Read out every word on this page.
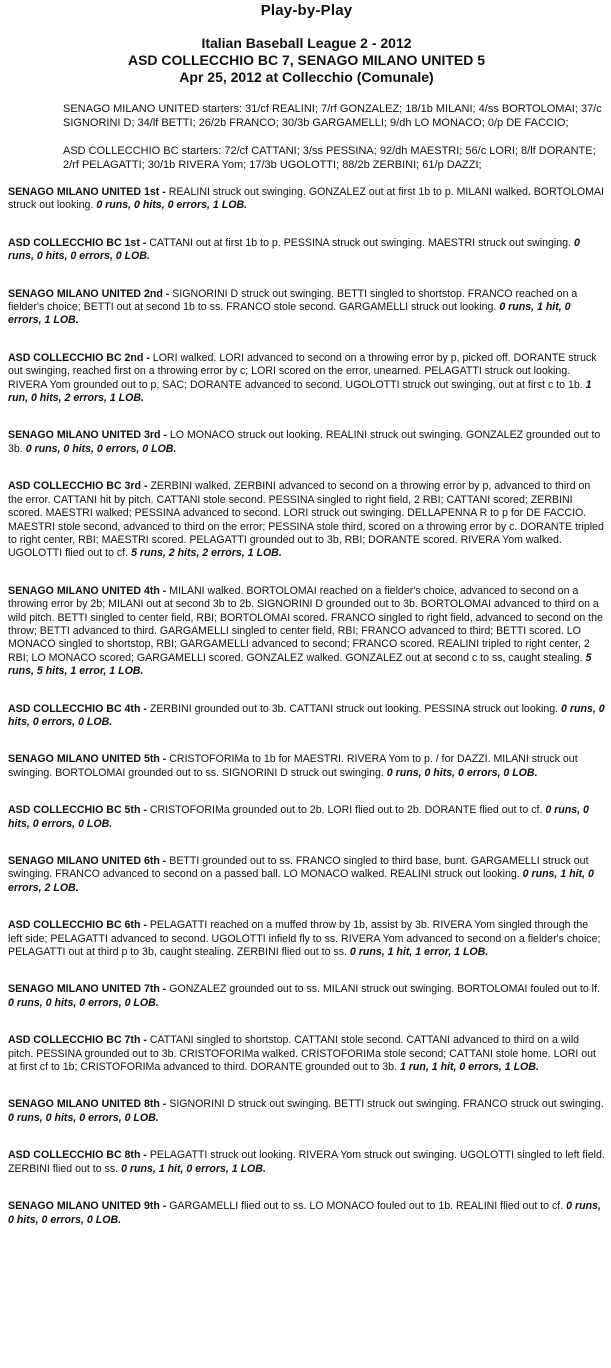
Play-by-Play
Italian Baseball League 2 - 2012
ASD COLLECCHIO BC 7, SENAGO MILANO UNITED 5
Apr 25, 2012 at Collecchio (Comunale)

SENAGO MILANO UNITED starters: 31/cf REALINI; 7/rf GONZALEZ; 18/1b MILANI; 4/ss BORTOLOMAI; 37/c SIGNORINI D; 34/lf BETTI; 26/2b FRANCO; 30/3b GARGAMELLI; 9/dh LO MONACO; 0/p DE FACCIO;

ASD COLLECCHIO BC starters: 72/cf CATTANI; 3/ss PESSINA; 92/dh MAESTRI; 56/c LORI; 8/lf DORANTE; 2/rf PELAGATTI; 30/1b RIVERA Yom; 17/3b UGOLOTTI; 88/2b ZERBINI; 61/p DAZZI;

SENAGO MILANO UNITED 1st - REALINI struck out swinging. GONZALEZ out at first 1b to p. MILANI walked. BORTOLOMAI struck out looking. 0 runs, 0 hits, 0 errors, 1 LOB.

ASD COLLECCHIO BC 1st - CATTANI out at first 1b to p. PESSINA struck out swinging. MAESTRI struck out swinging. 0 runs, 0 hits, 0 errors, 0 LOB.

SENAGO MILANO UNITED 2nd - SIGNORINI D struck out swinging. BETTI singled to shortstop. FRANCO reached on a fielder's choice; BETTI out at second 1b to ss. FRANCO stole second. GARGAMELLI struck out looking. 0 runs, 1 hit, 0 errors, 1 LOB.

ASD COLLECCHIO BC 2nd - LORI walked. LORI advanced to second on a throwing error by p, picked off. DORANTE struck out swinging, reached first on a throwing error by c; LORI scored on the error, unearned. PELAGATTI struck out looking. RIVERA Yom grounded out to p, SAC; DORANTE advanced to second. UGOLOTTI struck out swinging, out at first c to 1b. 1 run, 0 hits, 2 errors, 1 LOB.

SENAGO MILANO UNITED 3rd - LO MONACO struck out looking. REALINI struck out swinging. GONZALEZ grounded out to 3b. 0 runs, 0 hits, 0 errors, 0 LOB.

ASD COLLECCHIO BC 3rd - ZERBINI walked. ZERBINI advanced to second on a throwing error by p, advanced to third on the error. CATTANI hit by pitch. CATTANI stole second. PESSINA singled to right field, 2 RBI; CATTANI scored; ZERBINI scored. MAESTRI walked; PESSINA advanced to second. LORI struck out swinging. DELLAPENNA R to p for DE FACCIO. MAESTRI stole second, advanced to third on the error; PESSINA stole third, scored on a throwing error by c. DORANTE tripled to right center, RBI; MAESTRI scored. PELAGATTI grounded out to 3b, RBI; DORANTE scored. RIVERA Yom walked. UGOLOTTI flied out to cf. 5 runs, 2 hits, 2 errors, 1 LOB.

SENAGO MILANO UNITED 4th - MILANI walked. BORTOLOMAI reached on a fielder's choice, advanced to second on a throwing error by 2b; MILANI out at second 3b to 2b. SIGNORINI D grounded out to 3b. BORTOLOMAI advanced to third on a wild pitch. BETTI singled to center field, RBI; BORTOLOMAI scored. FRANCO singled to right field, advanced to second on the throw; BETTI advanced to third. GARGAMELLI singled to center field, RBI; FRANCO advanced to third; BETTI scored. LO MONACO singled to shortstop, RBI; GARGAMELLI advanced to second; FRANCO scored. REALINI tripled to right center, 2 RBI; LO MONACO scored; GARGAMELLI scored. GONZALEZ walked. GONZALEZ out at second c to ss, caught stealing. 5 runs, 5 hits, 1 error, 1 LOB.

ASD COLLECCHIO BC 4th - ZERBINI grounded out to 3b. CATTANI struck out looking. PESSINA struck out looking. 0 runs, 0 hits, 0 errors, 0 LOB.

SENAGO MILANO UNITED 5th - CRISTOFORIMa to 1b for MAESTRI. RIVERA Yom to p. / for DAZZI. MILANI struck out swinging. BORTOLOMAI grounded out to ss. SIGNORINI D struck out swinging. 0 runs, 0 hits, 0 errors, 0 LOB.

ASD COLLECCHIO BC 5th - CRISTOFORIMa grounded out to 2b. LORI flied out to 2b. DORANTE flied out to cf. 0 runs, 0 hits, 0 errors, 0 LOB.

SENAGO MILANO UNITED 6th - BETTI grounded out to ss. FRANCO singled to third base, bunt. GARGAMELLI struck out swinging. FRANCO advanced to second on a passed ball. LO MONACO walked. REALINI struck out looking. 0 runs, 1 hit, 0 errors, 2 LOB.

ASD COLLECCHIO BC 6th - PELAGATTI reached on a muffed throw by 1b, assist by 3b. RIVERA Yom singled through the left side; PELAGATTI advanced to second. UGOLOTTI infield fly to ss. RIVERA Yom advanced to second on a fielder's choice; PELAGATTI out at third p to 3b, caught stealing. ZERBINI flied out to ss. 0 runs, 1 hit, 1 error, 1 LOB.

SENAGO MILANO UNITED 7th - GONZALEZ grounded out to ss. MILANI struck out swinging. BORTOLOMAI fouled out to lf. 0 runs, 0 hits, 0 errors, 0 LOB.

ASD COLLECCHIO BC 7th - CATTANI singled to shortstop. CATTANI stole second. CATTANI advanced to third on a wild pitch. PESSINA grounded out to 3b. CRISTOFORIMa walked. CRISTOFORIMa stole second; CATTANI stole home. LORI out at first cf to 1b; CRISTOFORIMa advanced to third. DORANTE grounded out to 3b. 1 run, 1 hit, 0 errors, 1 LOB.

SENAGO MILANO UNITED 8th - SIGNORINI D struck out swinging. BETTI struck out swinging. FRANCO struck out swinging. 0 runs, 0 hits, 0 errors, 0 LOB.

ASD COLLECCHIO BC 8th - PELAGATTI struck out looking. RIVERA Yom struck out swinging. UGOLOTTI singled to left field. ZERBINI flied out to ss. 0 runs, 1 hit, 0 errors, 1 LOB.

SENAGO MILANO UNITED 9th - GARGAMELLI flied out to ss. LO MONACO fouled out to 1b. REALINI flied out to cf. 0 runs, 0 hits, 0 errors, 0 LOB.
